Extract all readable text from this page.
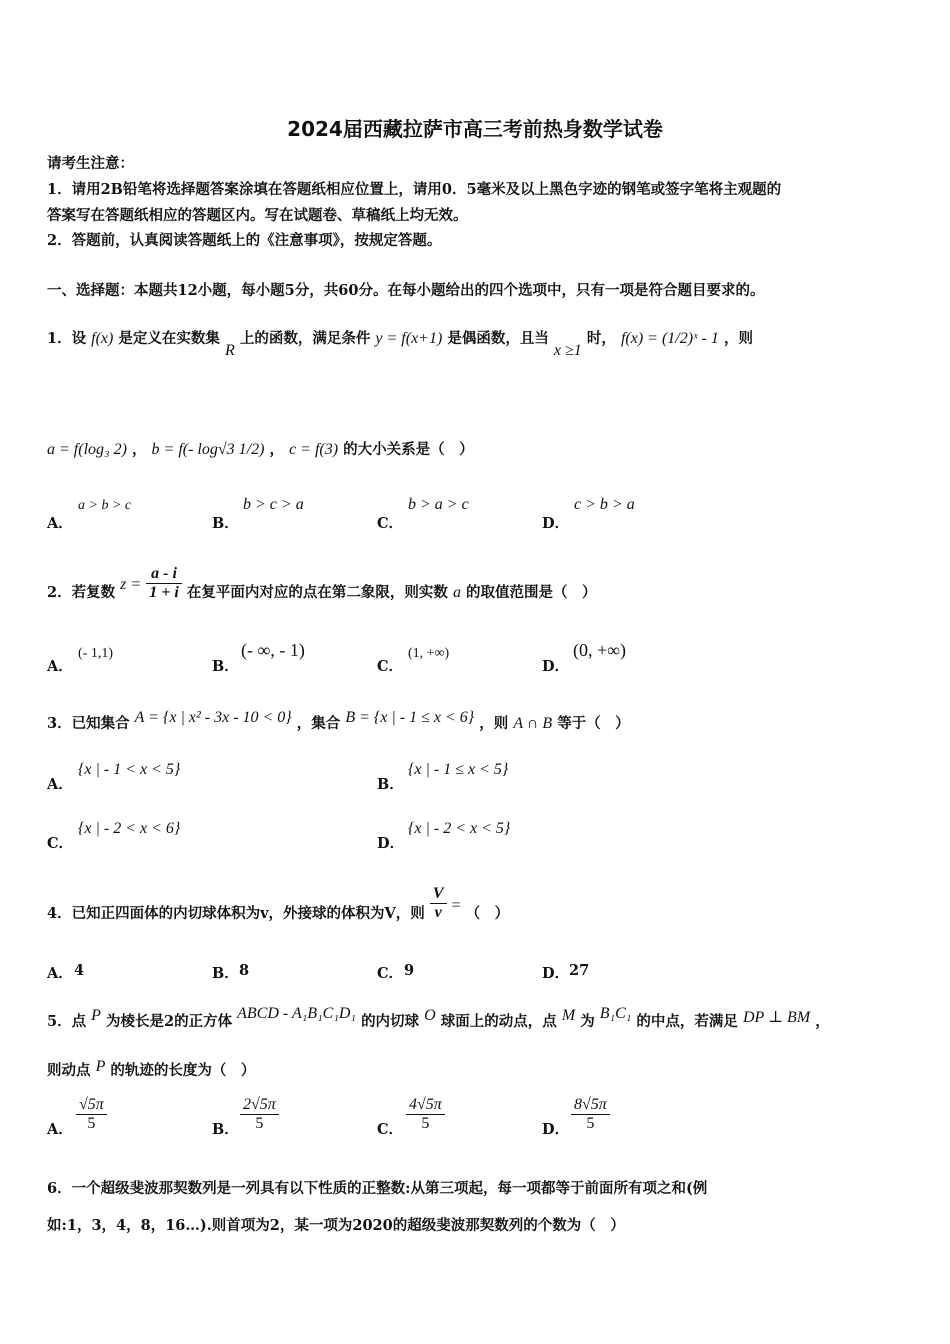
2024届西藏拉萨市高三考前热身数学试卷
请考生注意：
1．请用2B铅笔将选择题答案涂填在答题纸相应位置上，请用0．5毫米及以上黑色字迹的钢笔或签字笔将主观题的
答案写在答题纸相应的答题区内。写在试题卷、草稿纸上均无效。
2．答题前，认真阅读答题纸上的《注意事项》，按规定答题。
一、选择题：本题共12小题，每小题5分，共60分。在每小题给出的四个选项中，只有一项是符合题目要求的。
1．设 f(x) 是定义在实数集 R 上的函数，满足条件 y = f(x+1) 是偶函数，且当 x ≥1 时， f(x) = (1/2)ˣ - 1 ，则
a = f(log₃ 2) ， b = f(- log√3 1/2) ， c = f(3) 的大小关系是（　）
A．
a > b > c
B．
b > c > a
C．
b > a > c
D．
c > b > a
2．若复数 $z = \frac{a - i}{1 + i}$ 在复平面内对应的点在第二象限，则实数 a 的取值范围是（　）
A．
(- 1,1)
B．
(- ∞, - 1)
C．
(1, +∞)
D．
(0, +∞)
3．已知集合 A = {x | x² - 3x - 10 < 0} ，集合 B = {x | - 1 ≤ x < 6} ，则 A ∩ B 等于（　）
A．
{x | - 1 < x < 5}
B．
{x | - 1 ≤ x < 5}
C．
{x | - 2 < x < 6}
D．
{x | - 2 < x < 5}
4．已知正四面体的内切球体积为v，外接球的体积为V，则 $\frac{V}{v}$ = （　）
A． 4	B． 8	C． 9	D． 27
5．点 P 为棱长是2的正方体 ABCD - A₁B₁C₁D₁ 的内切球 O 球面上的动点，点 M 为 B₁C₁ 的中点，若满足 DP ⊥ BM ，
则动点 P 的轨迹的长度为（　）
A． $\frac{√5\pi}{5}$	B． $\frac{2√5\pi}{5}$	C． $\frac{4√5\pi}{5}$	D． $\frac{8√5\pi}{5}$
6．一个超级斐波那契数列是一列具有以下性质的正整数:从第三项起，每一项都等于前面所有项之和(例
如:1，3，4，8，16…).则首项为2，某一项为2020的超级斐波那契数列的个数为（　）
